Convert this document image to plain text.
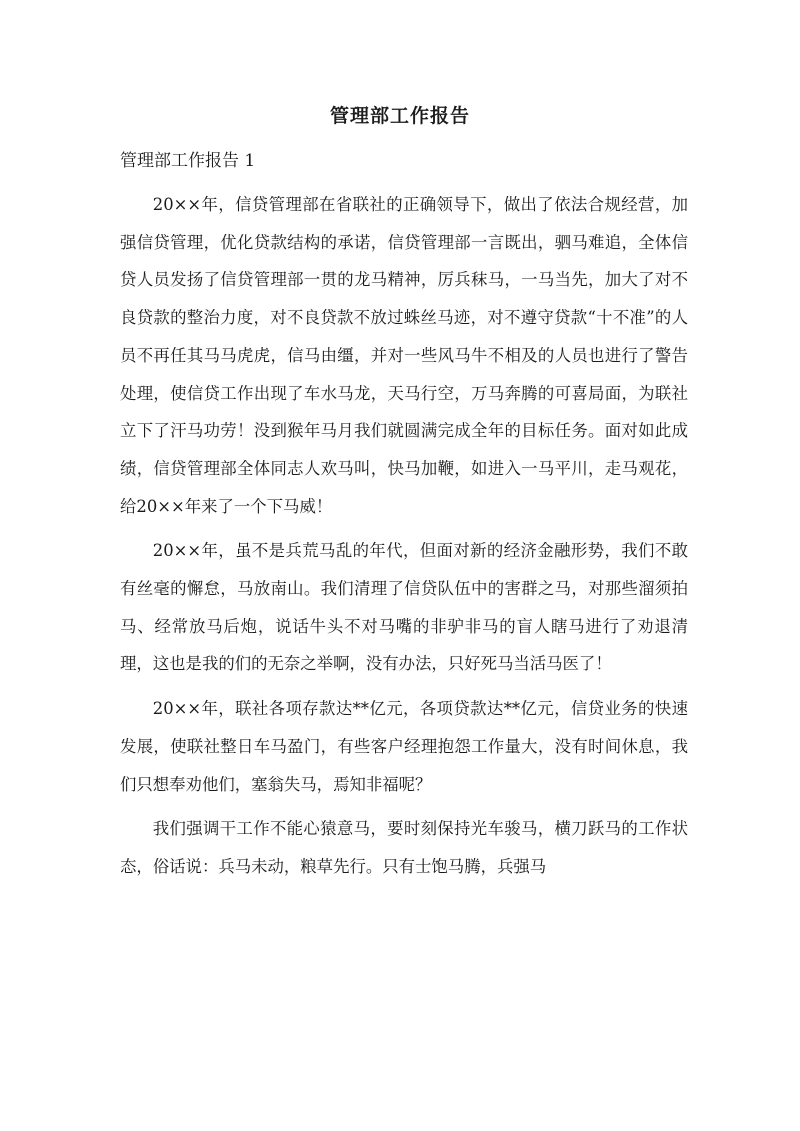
管理部工作报告
管理部工作报告 1

20××年，信贷管理部在省联社的正确领导下，做出了依法合规经营，加强信贷管理，优化贷款结构的承诺，信贷管理部一言既出，驷马难追，全体信贷人员发扬了信贷管理部一贯的龙马精神，厉兵秣马，一马当先，加大了对不良贷款的整治力度，对不良贷款不放过蛛丝马迹，对不遵守贷款“十不准”的人员不再任其马马虎虎，信马由缰，并对一些风马牛不相及的人员也进行了警告处理，使信贷工作出现了车水马龙，天马行空，万马奔腾的可喜局面，为联社立下了汗马功劳！没到猴年马月我们就圆满完成全年的目标任务。面对如此成绩，信贷管理部全体同志人欢马叫，快马加鞭，如进入一马平川，走马观花，给20××年来了一个下马威！

20××年，虽不是兵荒马乱的年代，但面对新的经济金融形势，我们不敢有丝毫的懈怠，马放南山。我们清理了信贷队伍中的害群之马，对那些溜须拍马、经常放马后炮，说话牛头不对马嘴的非驴非马的盲人瞎马进行了劝退清理，这也是我的们的无奈之举啊，没有办法，只好死马当活马医了！

20××年，联社各项存款达**亿元，各项贷款达**亿元，信贷业务的快速发展，使联社整日车马盈门，有些客户经理抱怨工作量大，没有时间休息，我们只想奉劝他们，塞翁失马，焉知非福呢？

我们强调干工作不能心猿意马，要时刻保持光车骏马，横刀跃马的工作状态，俗话说：兵马未动，粮草先行。只有士饱马腾，兵强马
